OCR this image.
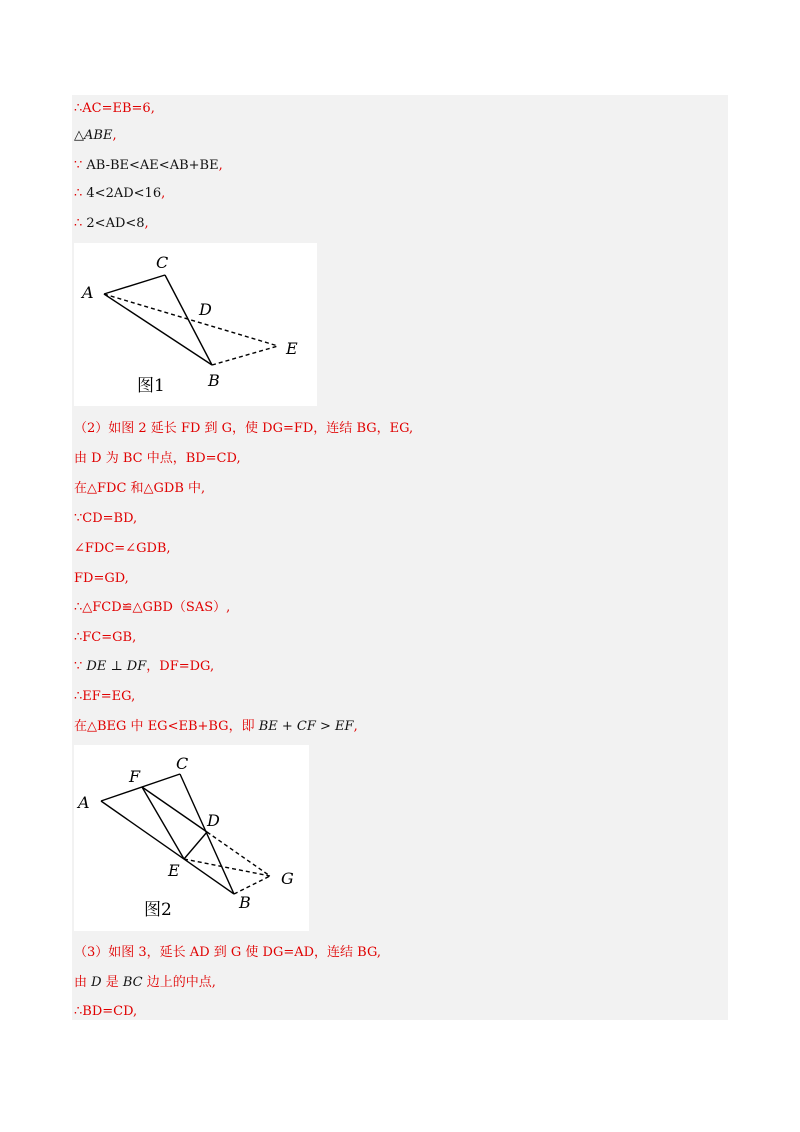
∴AC=EB=6,
△ABE,
∵ AB-BE<AE<AB+BE,
∴ 4<2AD<16,
∴ 2<AD<8,
A
C
D
E
B
图1
（2）如图 2 延长 FD 到 G，使 DG=FD，连结 BG，EG,
由 D 为 BC 中点，BD=CD,
在△FDC 和△GDB 中,
∵CD=BD,
∠FDC=∠GDB,
FD=GD,
∴△FCD≌△GBD（SAS）,
∴FC=GB,
∵ DE ⊥ DF，DF=DG,
∴EF=EG,
在△BEG 中 EG<EB+BG，即 BE + CF > EF,
A
F
C
D
E	G
B
图2
（3）如图 3，延长 AD 到 G 使 DG=AD，连结 BG,
由 D 是 BC 边上的中点,
∴BD=CD,
